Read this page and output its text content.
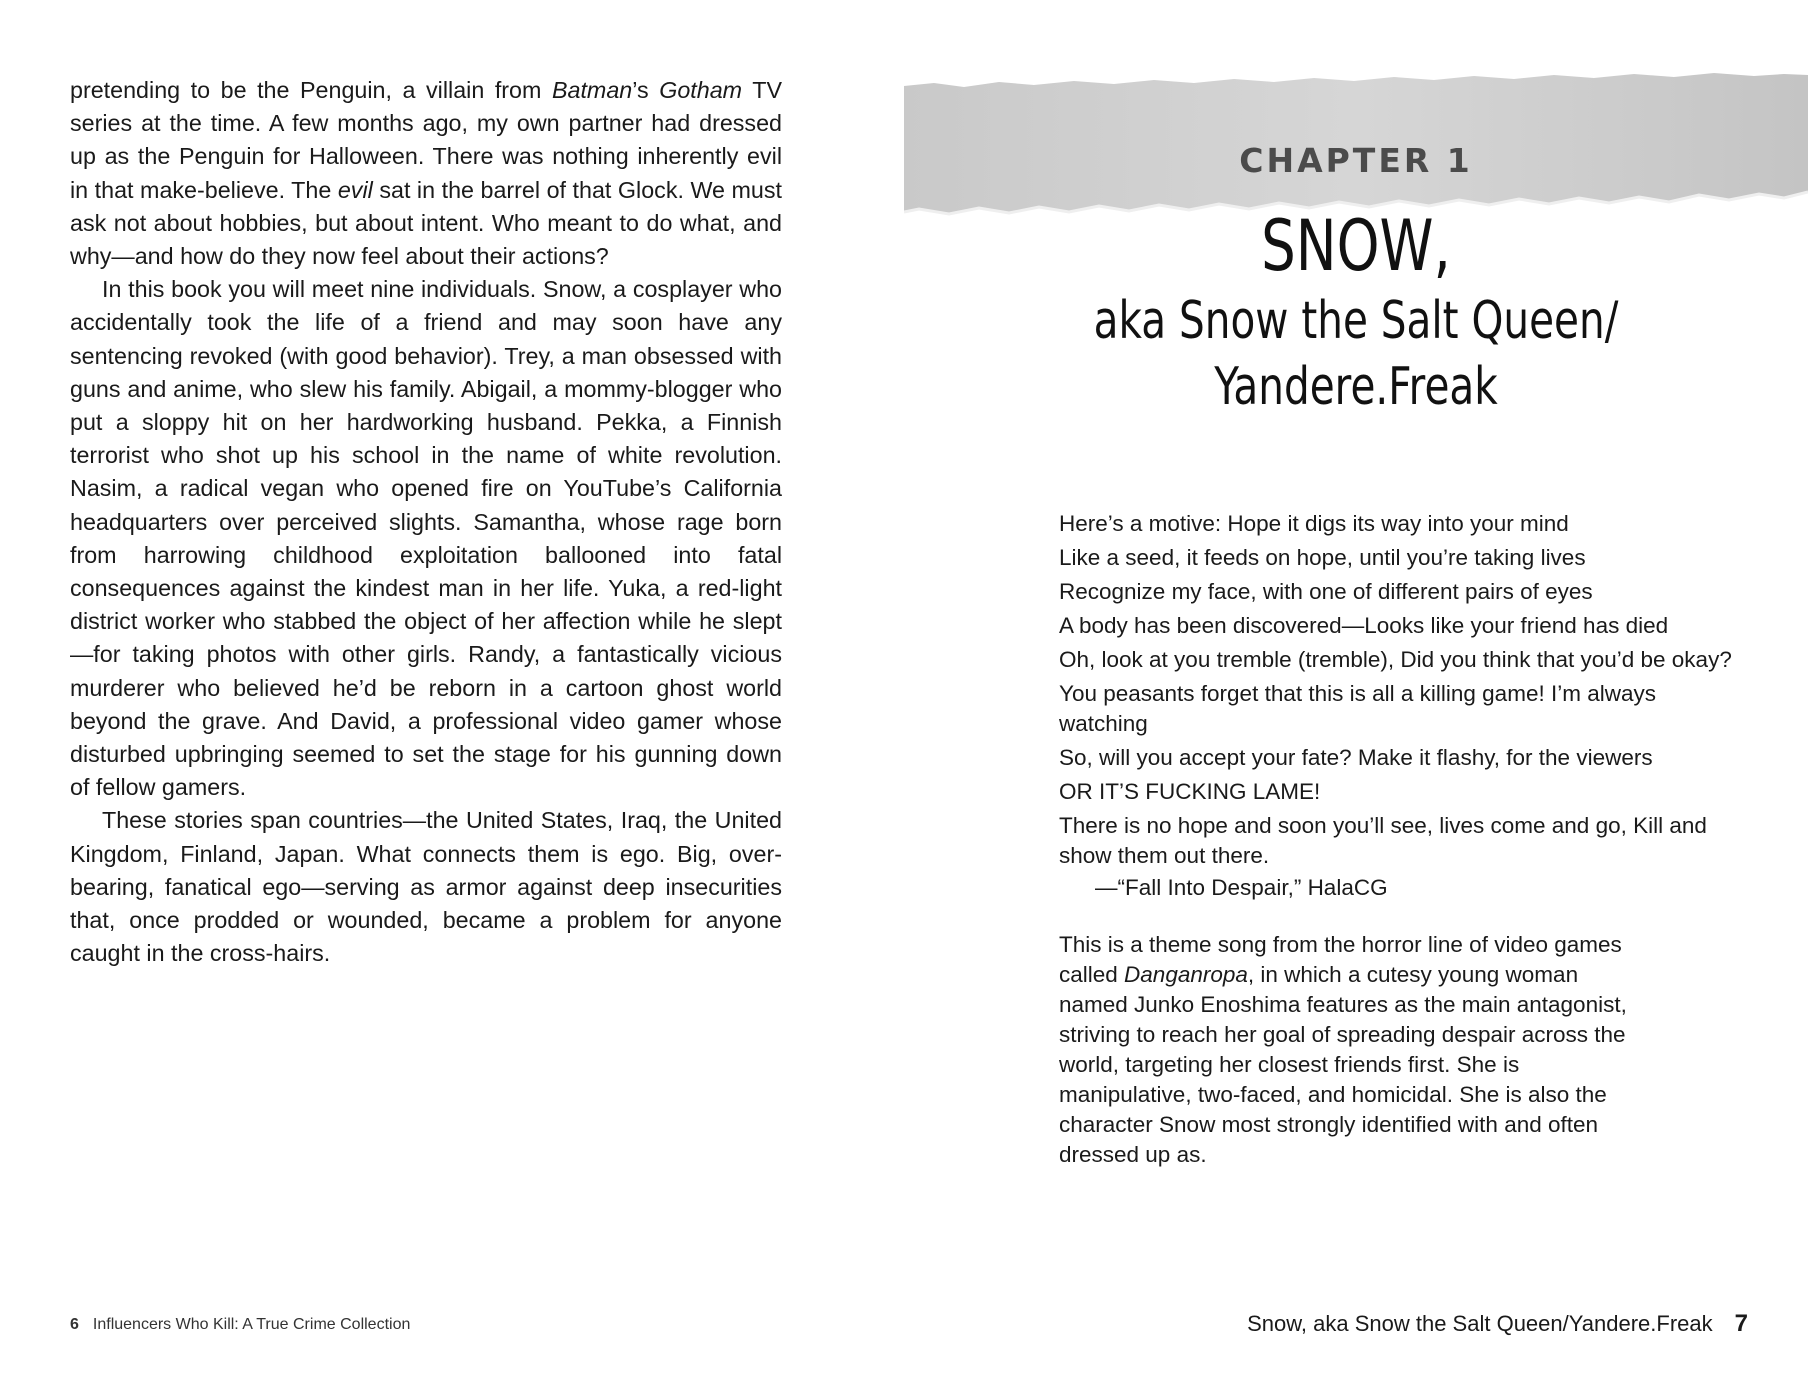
pretending to be the Penguin, a villain from Batman’s Gotham TV series at the time. A few months ago, my own partner had dressed up as the Penguin for Halloween. There was nothing inherently evil in that make-believe. The evil sat in the barrel of that Glock. We must ask not about hobbies, but about intent. Who meant to do what, and why—and how do they now feel about their actions?

In this book you will meet nine individuals. Snow, a cosplayer who accidentally took the life of a friend and may soon have any sentencing revoked (with good behavior). Trey, a man obsessed with guns and anime, who slew his family. Abigail, a mommy-blogger who put a sloppy hit on her hardworking husband. Pekka, a Finnish terrorist who shot up his school in the name of white revolution. Nasim, a radical vegan who opened fire on YouTube’s California headquarters over perceived slights. Samantha, whose rage born from harrowing childhood exploitation ballooned into fatal consequences against the kindest man in her life. Yuka, a red-light district worker who stabbed the object of her affection while he slept—for taking photos with other girls. Randy, a fantastically vicious murderer who believed he’d be reborn in a cartoon ghost world beyond the grave. And David, a professional video gamer whose disturbed upbringing seemed to set the stage for his gunning down of fellow gamers.

These stories span countries—the United States, Iraq, the United Kingdom, Finland, Japan. What connects them is ego. Big, over-bearing, fanatical ego—serving as armor against deep insecurities that, once prodded or wounded, became a problem for anyone caught in the cross-hairs.

6 Influencers Who Kill: A True Crime Collection
CHAPTER 1
SNOW,
aka Snow the Salt Queen/
Yandere.Freak
Here’s a motive: Hope it digs its way into your mind
Like a seed, it feeds on hope, until you’re taking lives
Recognize my face, with one of different pairs of eyes
A body has been discovered—Looks like your friend has died
Oh, look at you tremble (tremble), Did you think that you’d be okay?
You peasants forget that this is all a killing game! I’m always watching
So, will you accept your fate? Make it flashy, for the viewers
OR IT’S FUCKING LAME!
There is no hope and soon you’ll see, lives come and go, Kill and show them out there.
—“Fall Into Despair,” HalaCG

This is a theme song from the horror line of video games called Danganropa, in which a cutesy young woman named Junko Enoshima features as the main antagonist, striving to reach her goal of spreading despair across the world, targeting her closest friends first. She is manipulative, two-faced, and homicidal. She is also the character Snow most strongly identified with and often dressed up as.

Snow, aka Snow the Salt Queen/Yandere.Freak 7
